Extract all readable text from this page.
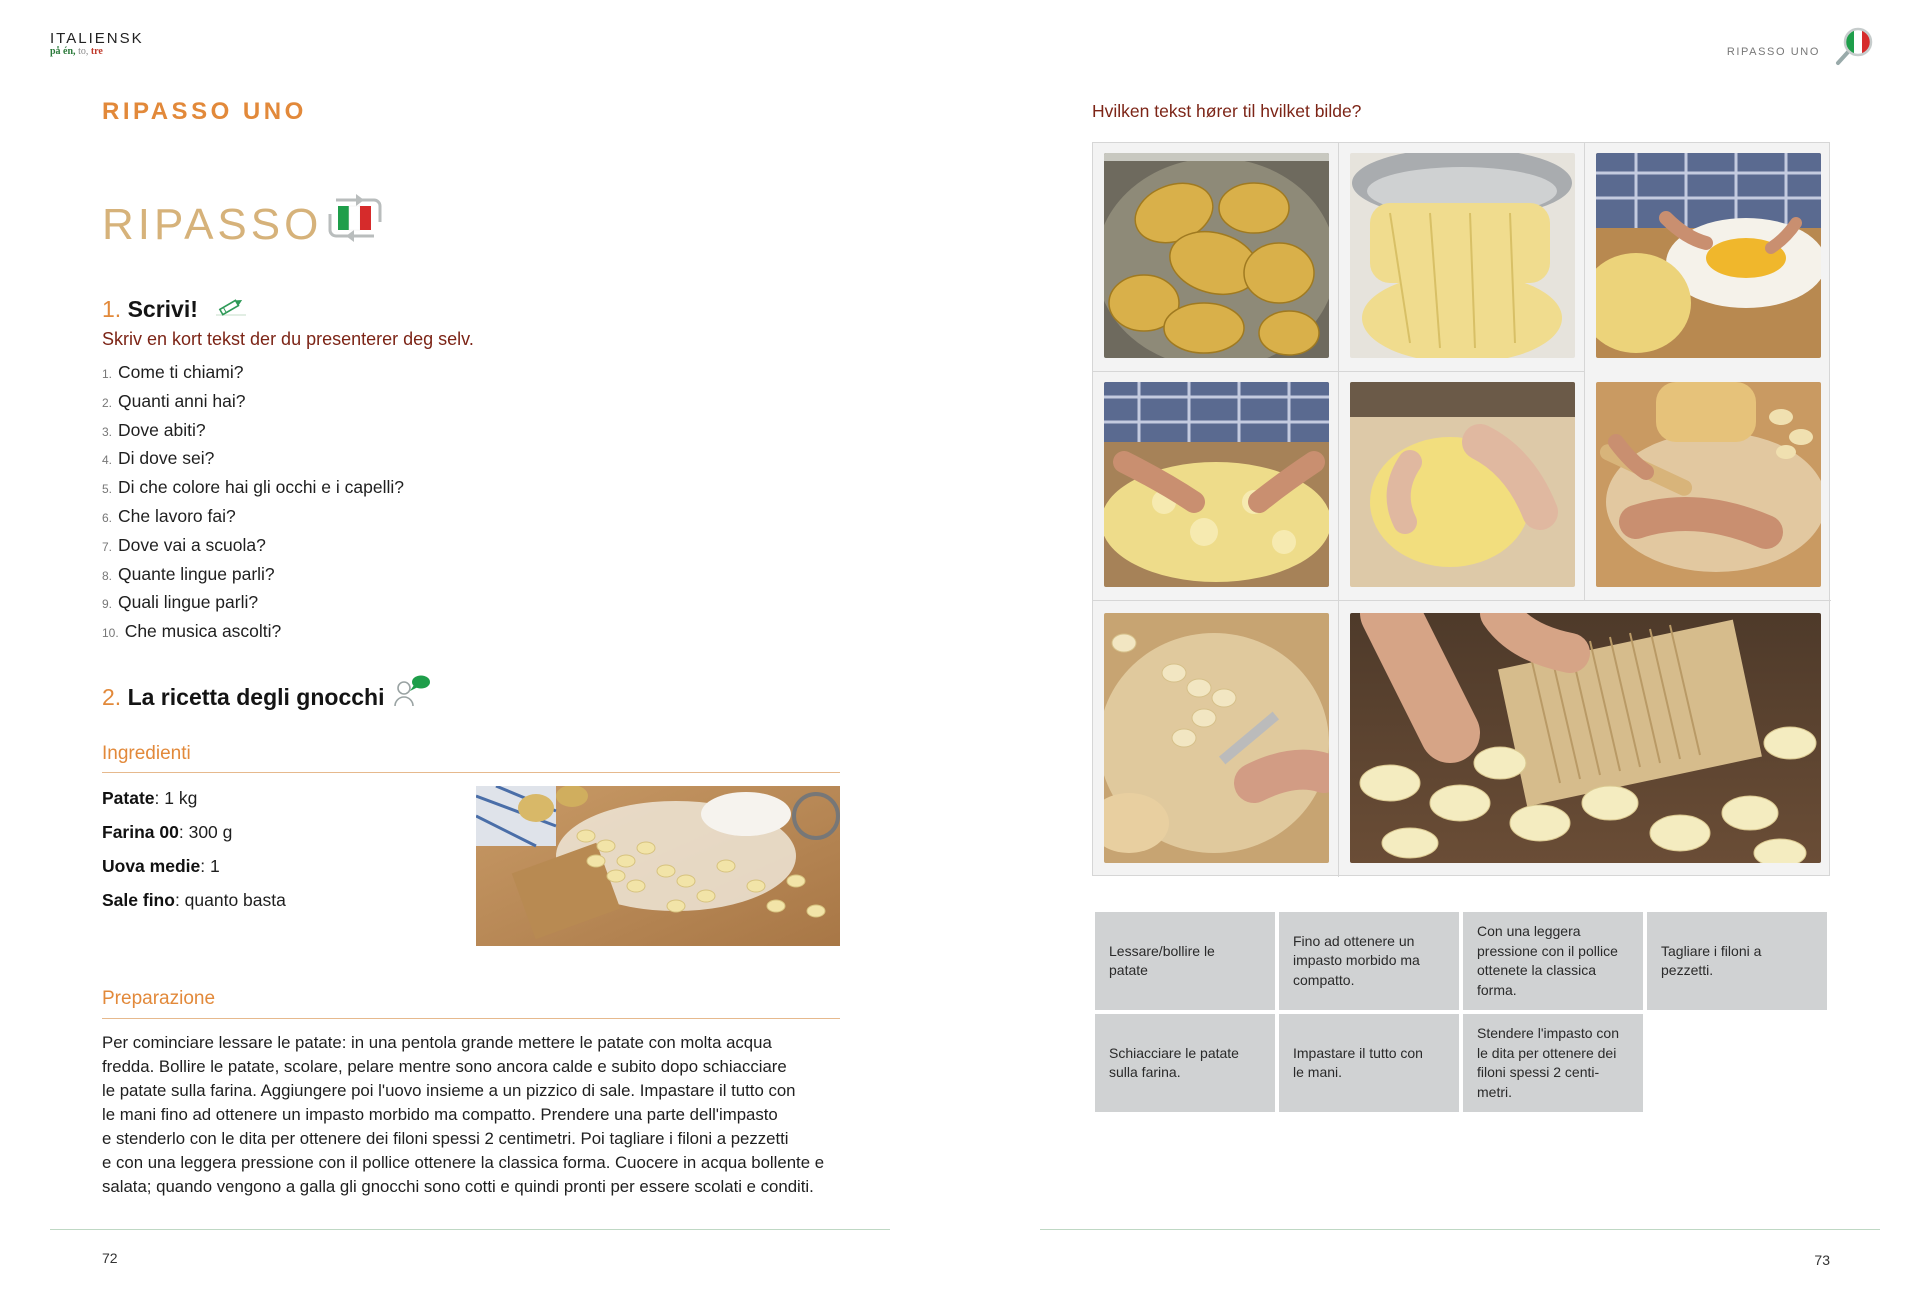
ITALIENSK
på én, to, tre	RIPASSO UNO
RIPASSO UNO
RIPASSO
1. Scrivi!
Skriv en kort tekst der du presenterer deg selv.
1. Come ti chiami?
2. Quanti anni hai?
3. Dove abiti?
4. Di dove sei?
5. Di che colore hai gli occhi e i capelli?
6. Che lavoro fai?
7. Dove vai a scuola?
8. Quante lingue parli?
9. Quali lingue parli?
10. Che musica ascolti?
2. La ricetta degli gnocchi
Ingredienti
Patate: 1 kg
Farina 00: 300 g
Uova medie: 1
Sale fino: quanto basta
Preparazione
Per cominciare lessare le patate: in una pentola grande mettere le patate con molta acqua
fredda. Bollire le patate, scolare, pelare mentre sono ancora calde e subito dopo schiacciare
le patate sulla farina. Aggiungere poi l'uovo insieme a un pizzico di sale. Impastare il tutto con
le mani fino ad ottenere un impasto morbido ma compatto. Prendere una parte dell'impasto
e stenderlo con le dita per ottenere dei filoni spessi 2 centimetri. Poi tagliare i filoni a pezzetti
e con una leggera pressione con il pollice ottenere la classica forma. Cuocere in acqua bollente e
salata; quando vengono a galla gli gnocchi sono cotti e quindi pronti per essere scolati e conditi.
72
Hvilken tekst hører til hvilket bilde?
Lessare/bollire le
patate
Fino ad ottenere un
impasto morbido ma
compatto.
Con una leggera
pressione con il pollice
ottenete la classica
forma.
Tagliare i filoni a
pezzetti.
Schiacciare le patate
sulla farina.
Impastare il tutto con
le mani.
Stendere l'impasto con
le dita per ottenere dei
filoni spessi 2 centi-
metri.
73
